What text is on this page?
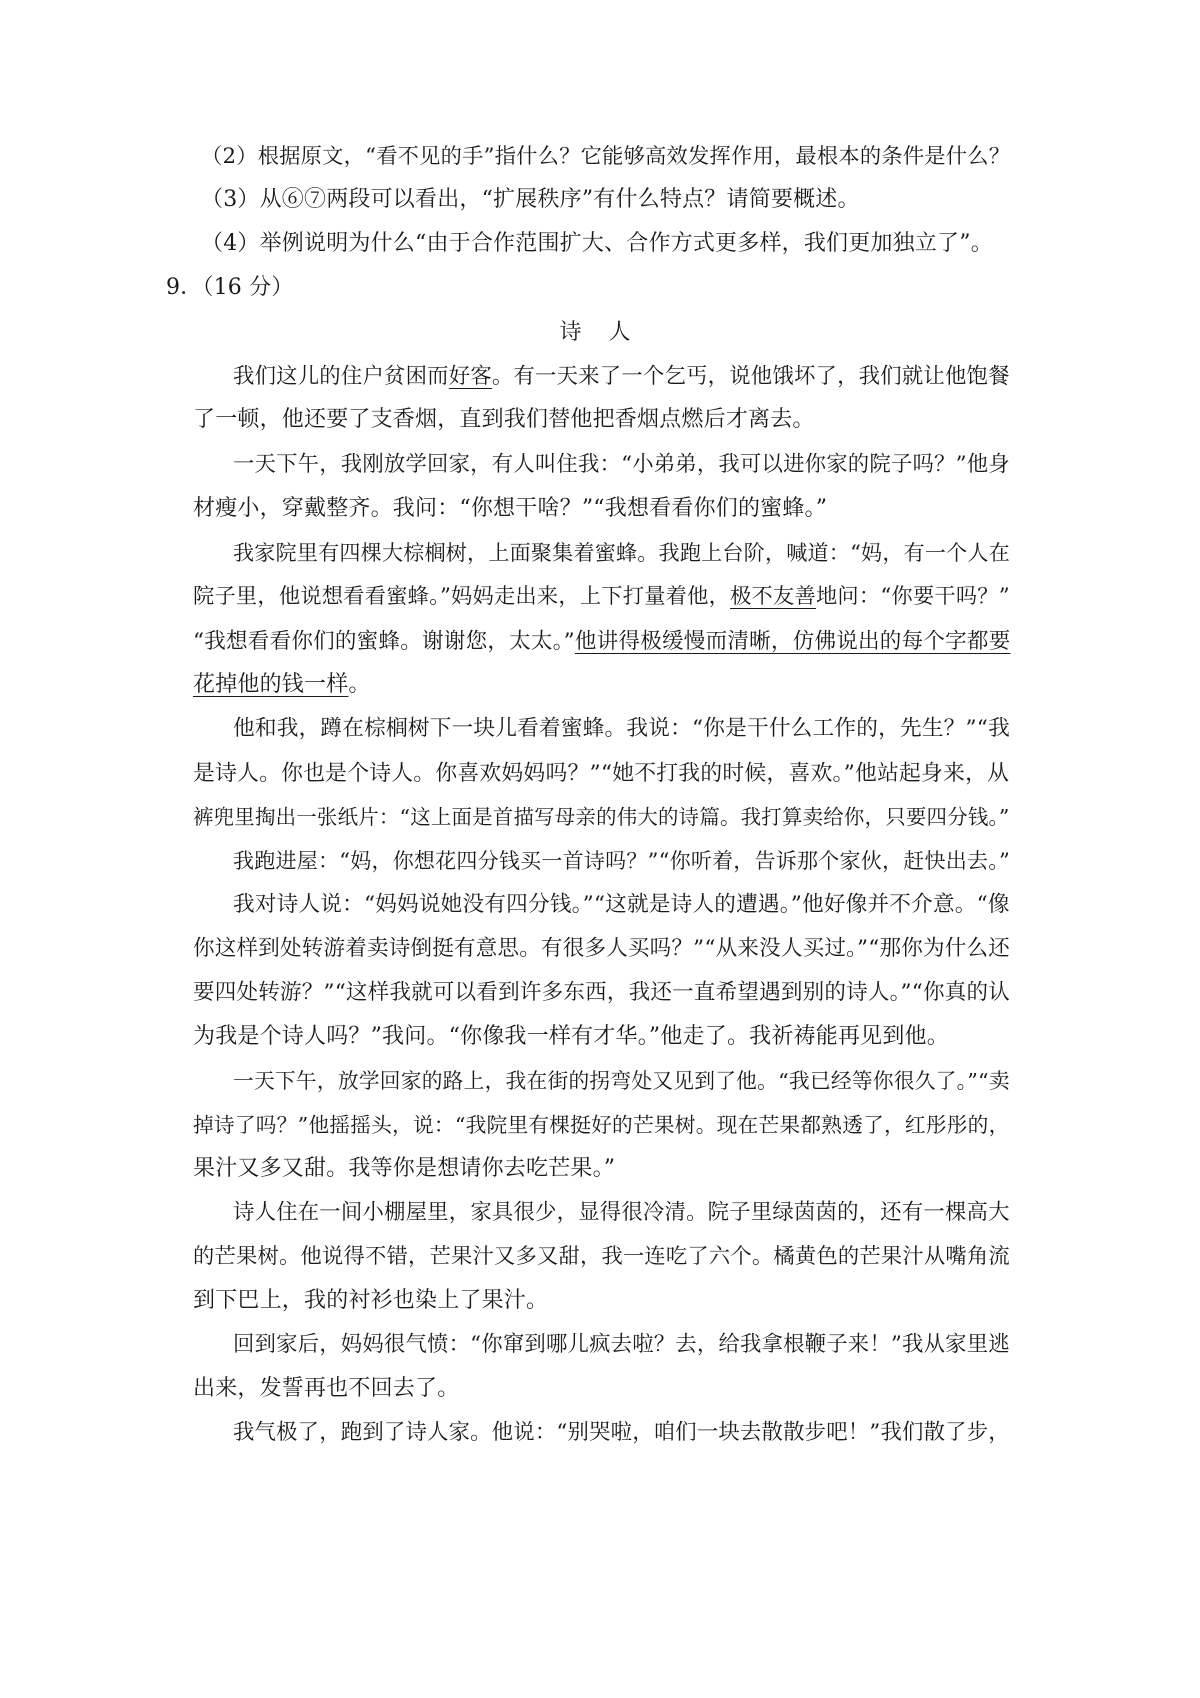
（2）根据原文，“看不见的手”指什么？它能够高效发挥作用，最根本的条件是什么？
（3）从⑥⑦两段可以看出，“扩展秩序”有什么特点？请简要概述。
（4）举例说明为什么“由于合作范围扩大、合作方式更多样，我们更加独立了”。
9．（16 分）
诗 人
我们这儿的住户贫困而好客。有一天来了一个乞丐，说他饿坏了，我们就让他饱餐
了一顿，他还要了支香烟，直到我们替他把香烟点燃后才离去。
一天下午，我刚放学回家，有人叫住我：“小弟弟，我可以进你家的院子吗？”他身
材瘦小，穿戴整齐。我问：“你想干啥？”“我想看看你们的蜜蜂。”
我家院里有四棵大棕榈树，上面聚集着蜜蜂。我跑上台阶，喊道：“妈，有一个人在
院子里，他说想看看蜜蜂。”妈妈走出来，上下打量着他，极不友善地问：“你要干吗？”
“我想看看你们的蜜蜂。谢谢您，太太。”他讲得极缓慢而清晰，仿佛说出的每个字都要
花掉他的钱一样。
他和我，蹲在棕榈树下一块儿看着蜜蜂。我说：“你是干什么工作的，先生？”“我
是诗人。你也是个诗人。你喜欢妈妈吗？”“她不打我的时候，喜欢。”他站起身来，从
裤兜里掏出一张纸片：“这上面是首描写母亲的伟大的诗篇。我打算卖给你，只要四分钱。”
我跑进屋：“妈，你想花四分钱买一首诗吗？”“你听着，告诉那个家伙，赶快出去。”
我对诗人说：“妈妈说她没有四分钱。”“这就是诗人的遭遇。”他好像并不介意。“像
你这样到处转游着卖诗倒挺有意思。有很多人买吗？”“从来没人买过。”“那你为什么还
要四处转游？”“这样我就可以看到许多东西，我还一直希望遇到别的诗人。”“你真的认
为我是个诗人吗？”我问。“你像我一样有才华。”他走了。我祈祷能再见到他。
一天下午，放学回家的路上，我在街的拐弯处又见到了他。“我已经等你很久了。”“卖
掉诗了吗？”他摇摇头，说：“我院里有棵挺好的芒果树。现在芒果都熟透了，红彤彤的，
果汁又多又甜。我等你是想请你去吃芒果。”
诗人住在一间小棚屋里，家具很少，显得很冷清。院子里绿茵茵的，还有一棵高大
的芒果树。他说得不错，芒果汁又多又甜，我一连吃了六个。橘黄色的芒果汁从嘴角流
到下巴上，我的衬衫也染上了果汁。
回到家后，妈妈很气愤：“你窜到哪儿疯去啦？去，给我拿根鞭子来！”我从家里逃
出来，发誓再也不回去了。
我气极了，跑到了诗人家。他说：“别哭啦，咱们一块去散散步吧！”我们散了步，
